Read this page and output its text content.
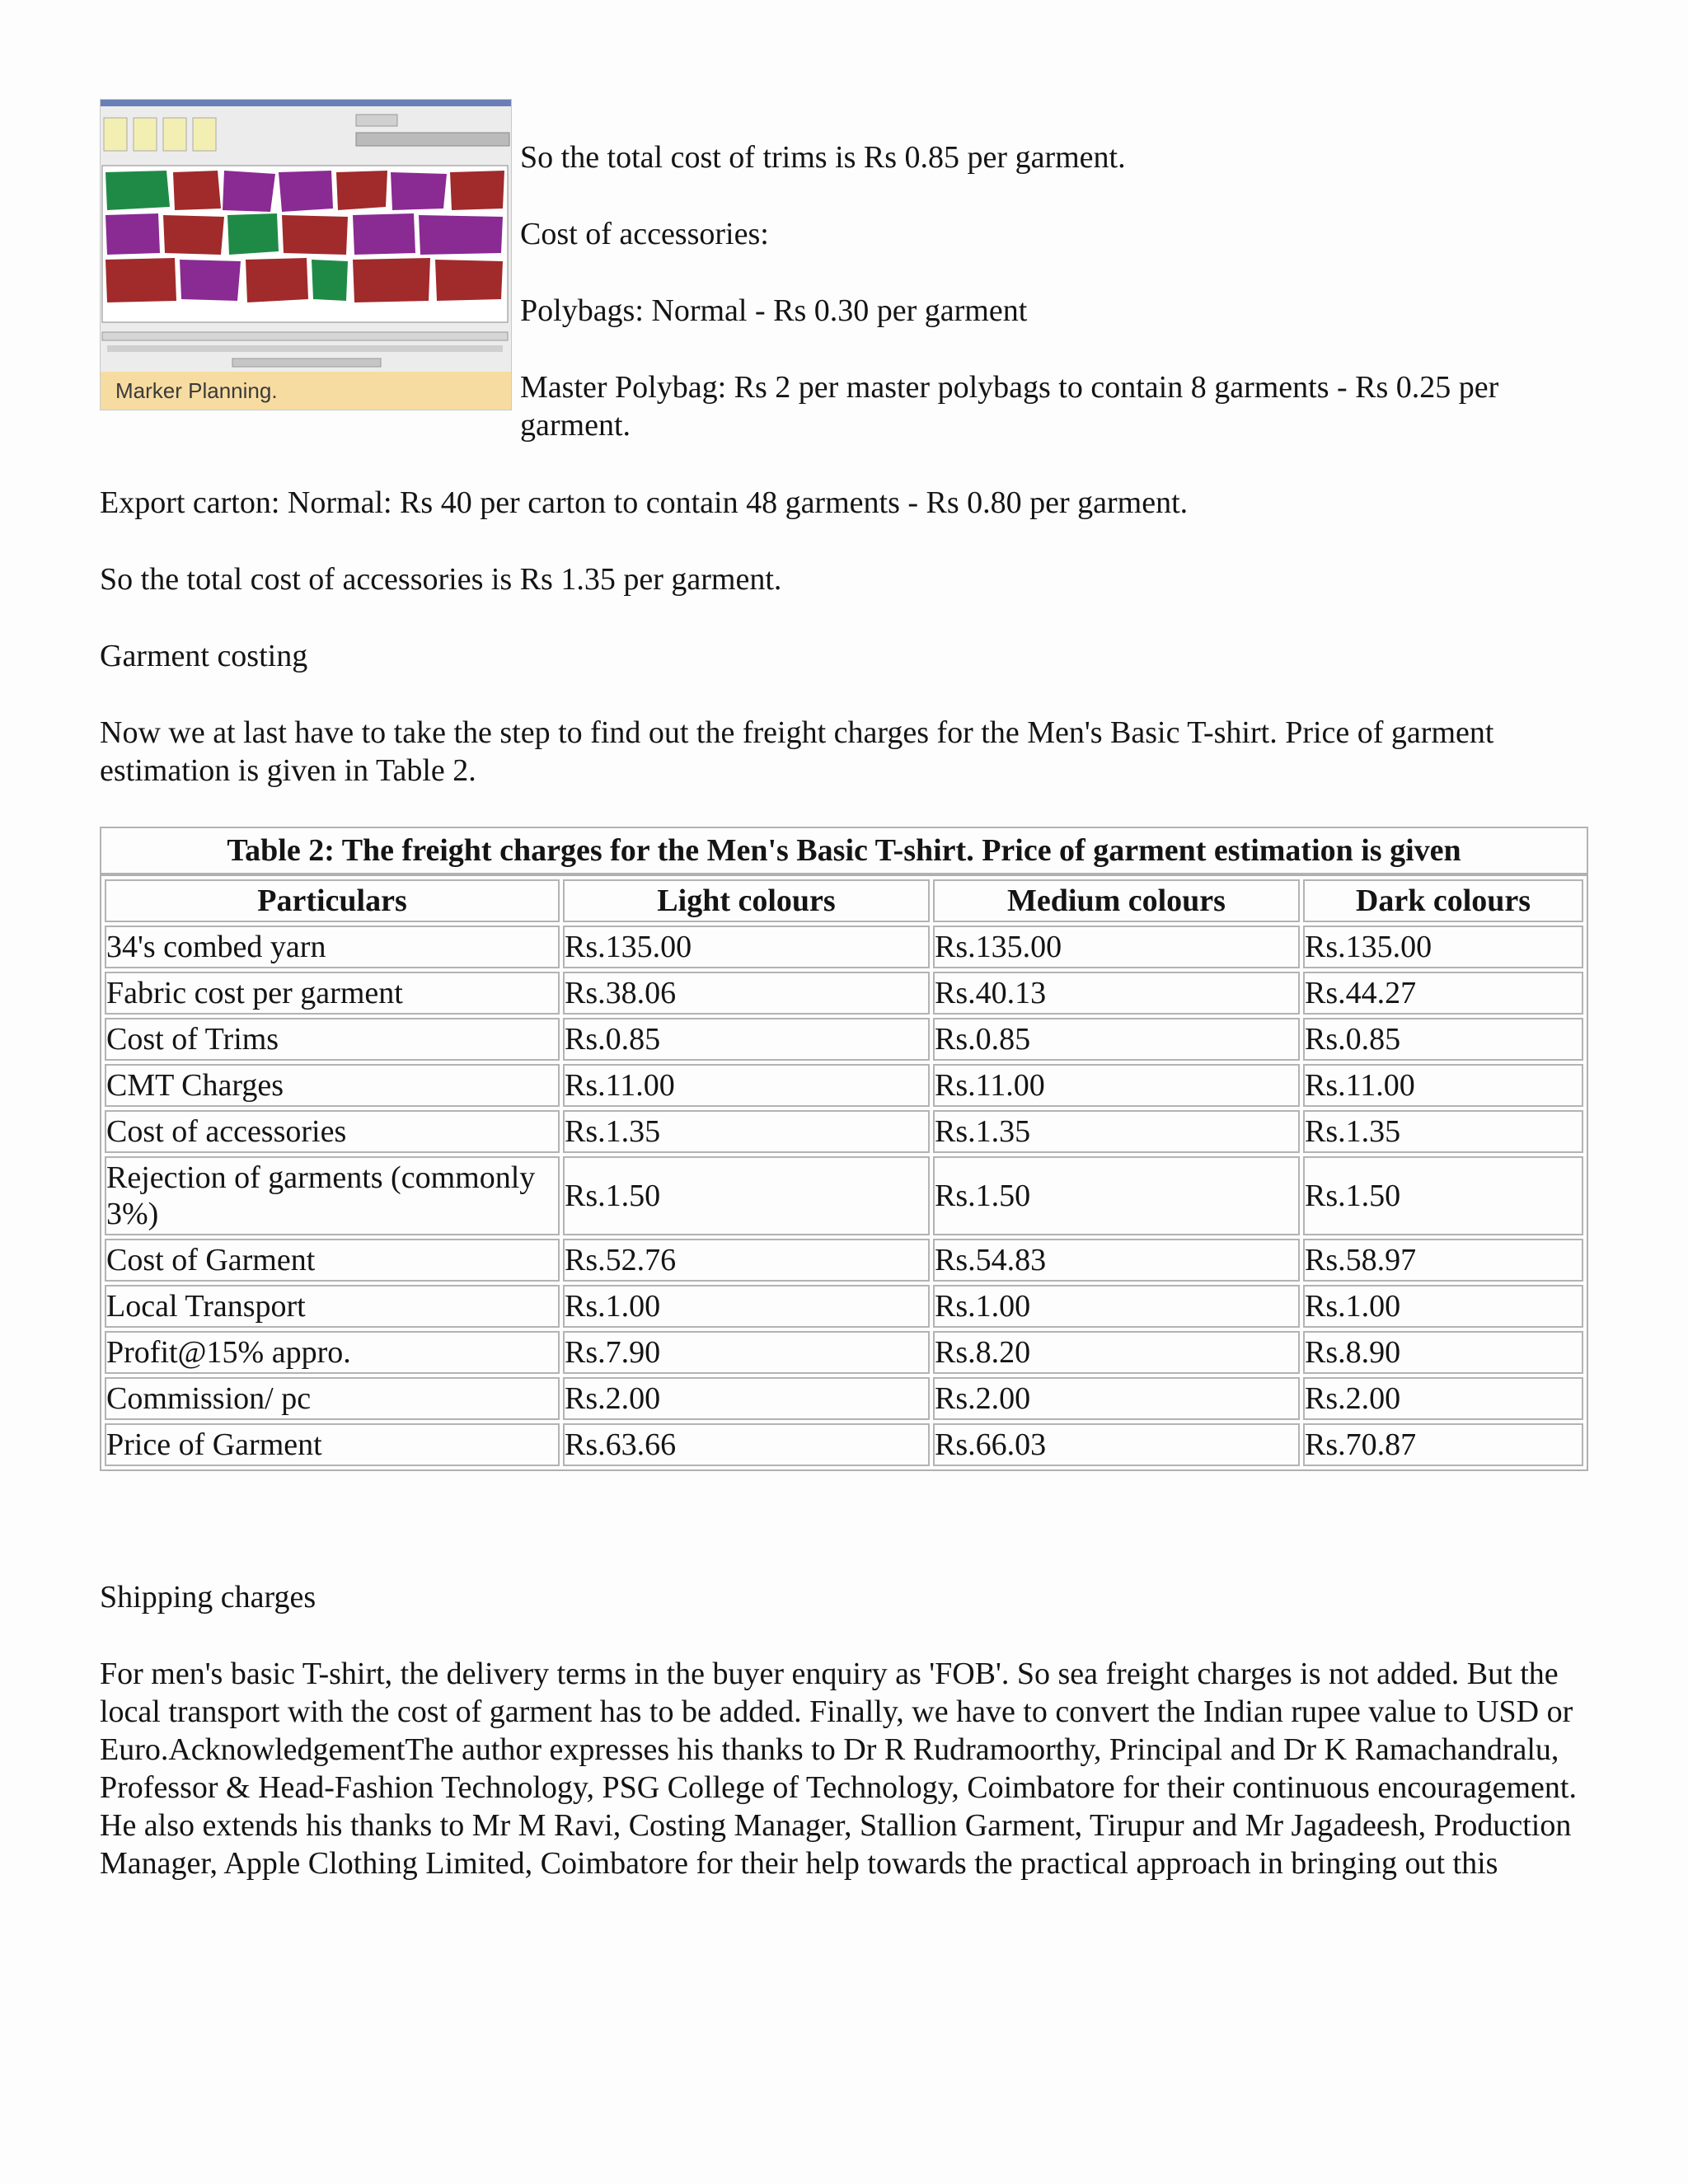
Marker Planning.

So the total cost of trims is Rs 0.85 per garment.

Cost of accessories:

Polybags: Normal - Rs 0.30 per garment

Master Polybag: Rs 2 per master polybags to contain 8 garments - Rs 0.25 per garment.

Export carton: Normal: Rs 40 per carton to contain 48 garments - Rs 0.80 per garment.

So the total cost of accessories is Rs 1.35 per garment.

Garment costing

Now we at last have to take the step to find out the freight charges for the Men's Basic T-shirt. Price of garment estimation is given in Table 2.

Table 2: The freight charges for the Men's Basic T-shirt. Price of garment estimation is given
Particulars	Light colours	Medium colours	Dark colours
34's combed yarn	Rs.135.00	Rs.135.00	Rs.135.00
Fabric cost per garment	Rs.38.06	Rs.40.13	Rs.44.27
Cost of Trims	Rs.0.85	Rs.0.85	Rs.0.85
CMT Charges	Rs.11.00	Rs.11.00	Rs.11.00
Cost of accessories	Rs.1.35	Rs.1.35	Rs.1.35
Rejection of garments (commonly 3%)	Rs.1.50	Rs.1.50	Rs.1.50
Cost of Garment	Rs.52.76	Rs.54.83	Rs.58.97
Local Transport	Rs.1.00	Rs.1.00	Rs.1.00
Profit@15% appro.	Rs.7.90	Rs.8.20	Rs.8.90
Commission/ pc	Rs.2.00	Rs.2.00	Rs.2.00
Price of Garment	Rs.63.66	Rs.66.03	Rs.70.87

Shipping charges

For men's basic T-shirt, the delivery terms in the buyer enquiry as 'FOB'. So sea freight charges is not added. But the local transport with the cost of garment has to be added. Finally, we have to convert the Indian rupee value to USD or Euro.AcknowledgementThe author expresses his thanks to Dr R Rudramoorthy, Principal and Dr K Ramachandralu, Professor & Head-Fashion Technology, PSG College of Technology, Coimbatore for their continuous encouragement. He also extends his thanks to Mr M Ravi, Costing Manager, Stallion Garment, Tirupur and Mr Jagadeesh, Production Manager, Apple Clothing Limited, Coimbatore for their help towards the practical approach in bringing out this
